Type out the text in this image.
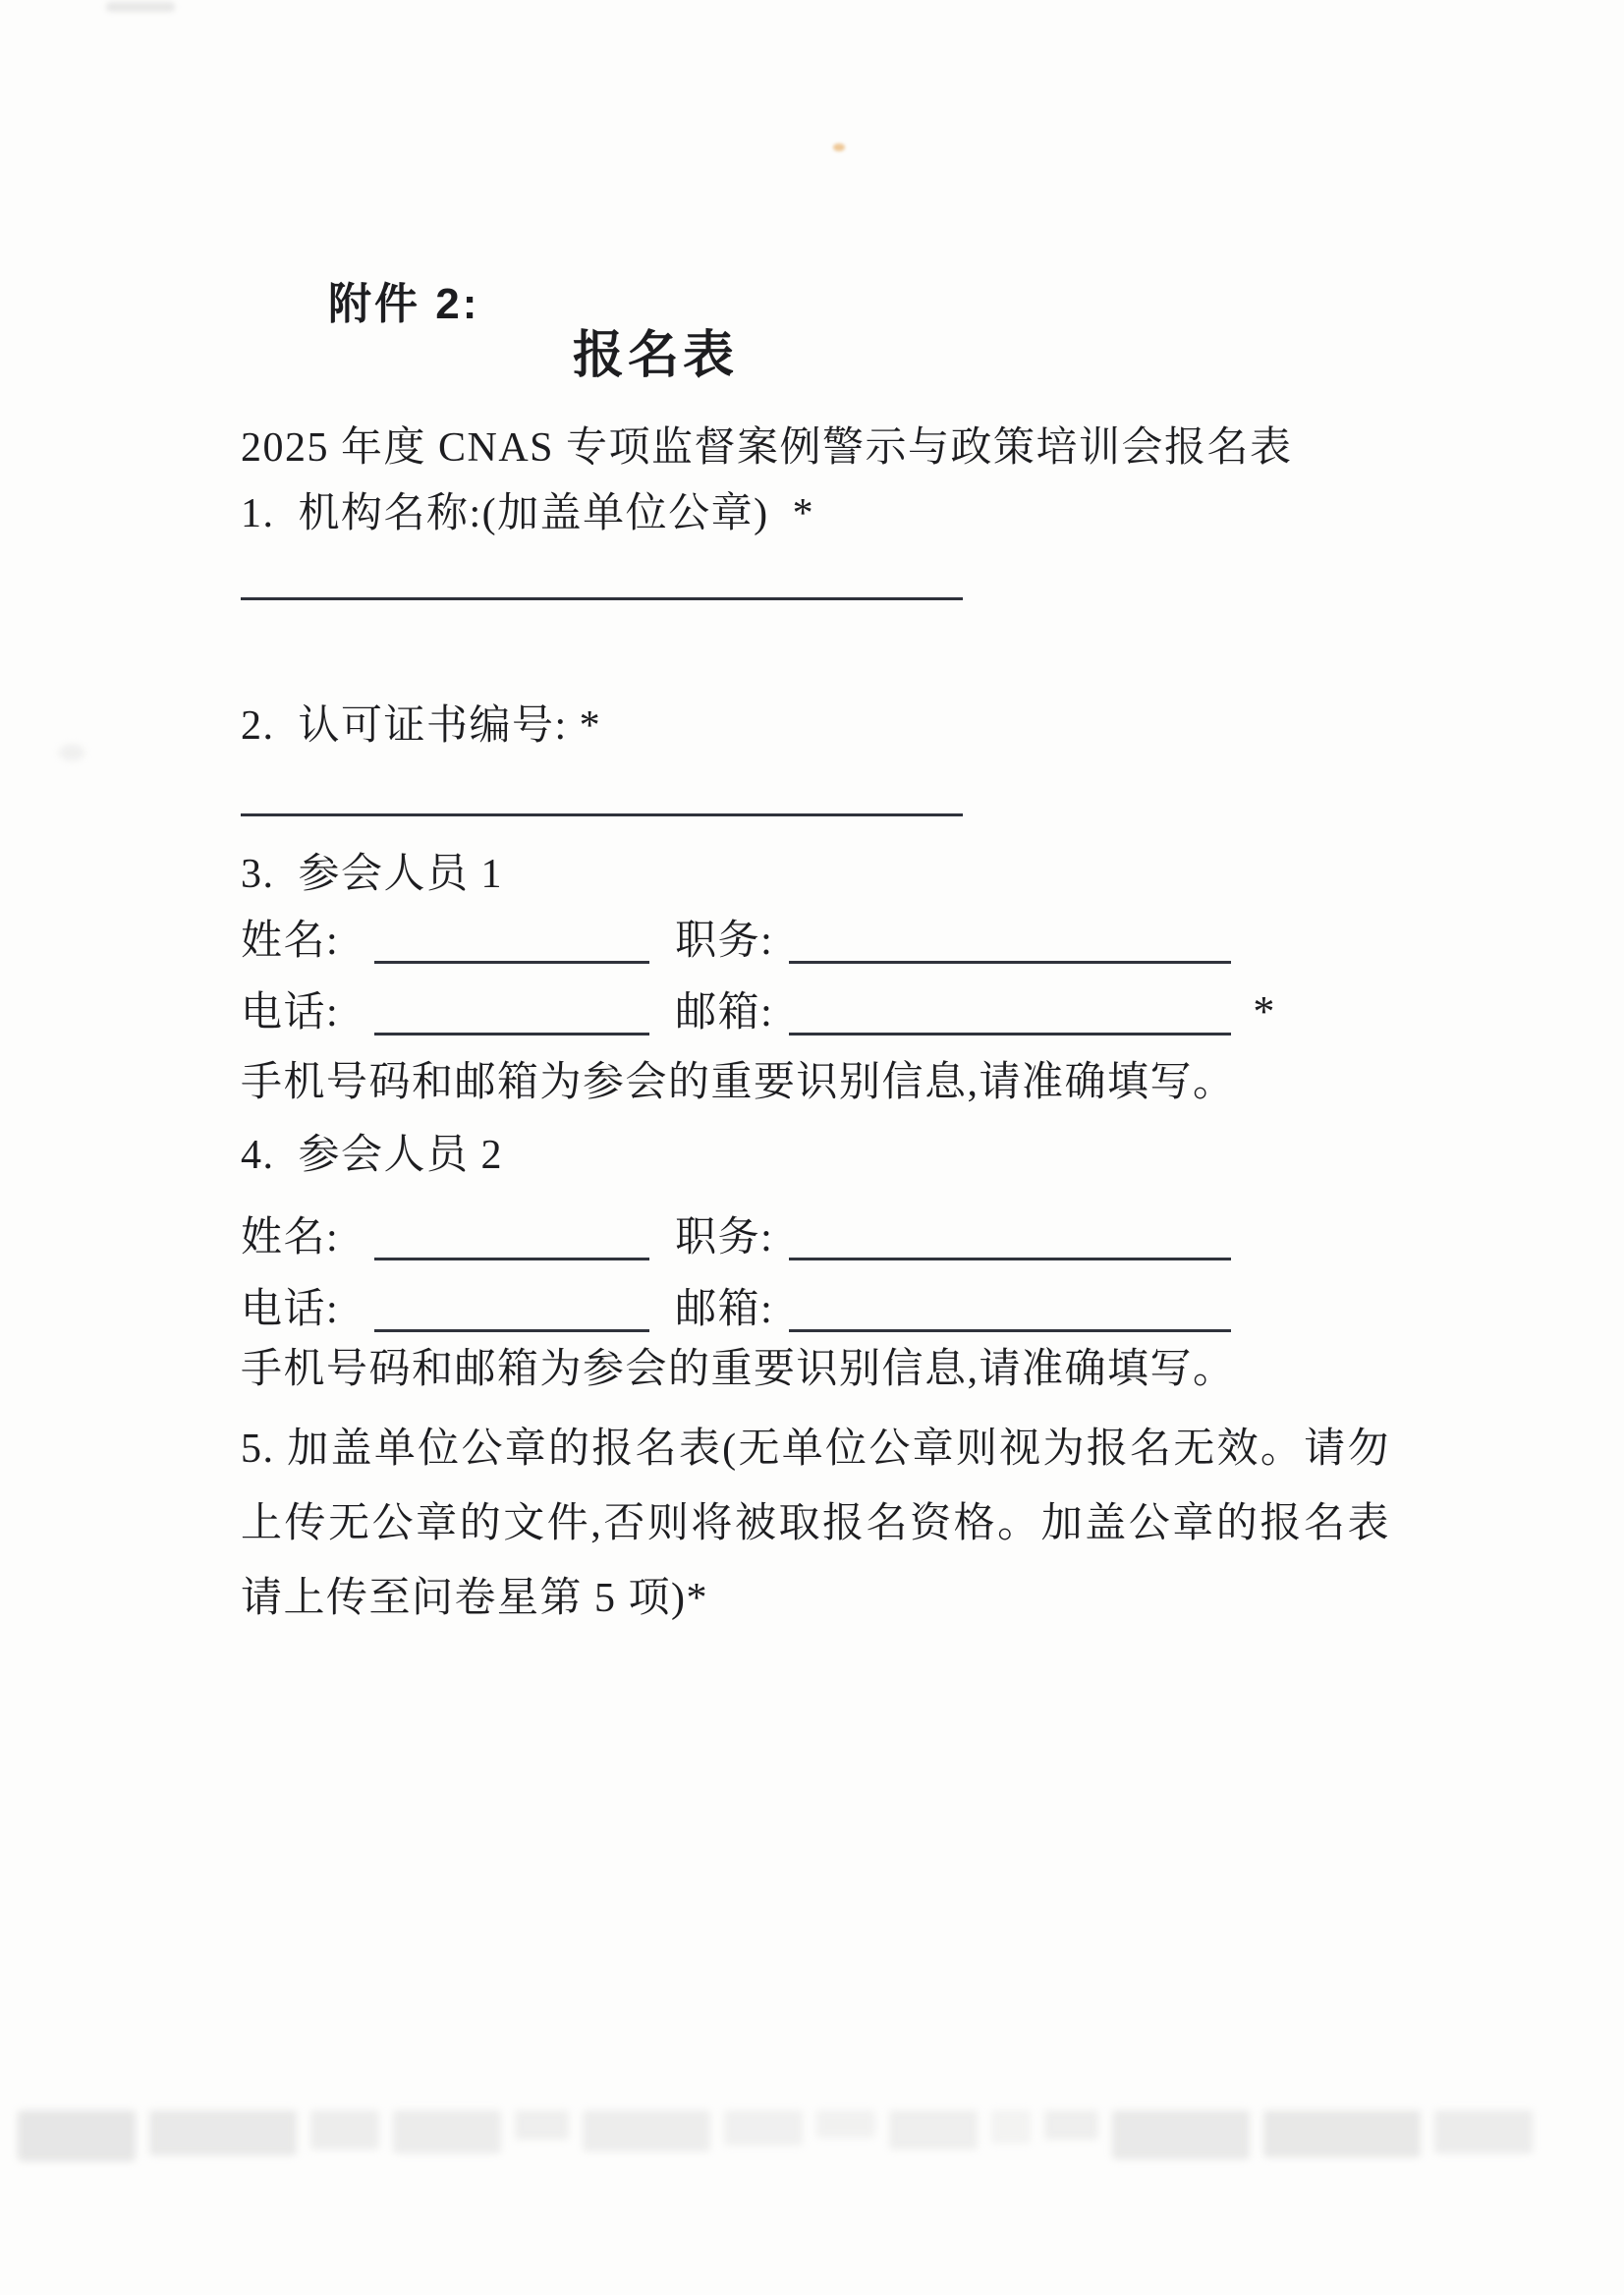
附件 2:
报名表
2025 年度 CNAS 专项监督案例警示与政策培训会报名表
1.  机构名称:(加盖单位公章)  *
2.  认可证书编号: *
3.  参会人员 1
姓名:	职务:
电话:	邮箱:	*
手机号码和邮箱为参会的重要识别信息,请准确填写。
4.  参会人员 2
姓名:	职务:
电话:	邮箱:
手机号码和邮箱为参会的重要识别信息,请准确填写。
5. 加盖单位公章的报名表(无单位公章则视为报名无效。请勿上传无公章的文件,否则将被取报名资格。加盖公章的报名表请上传至问卷星第 5 项)*
